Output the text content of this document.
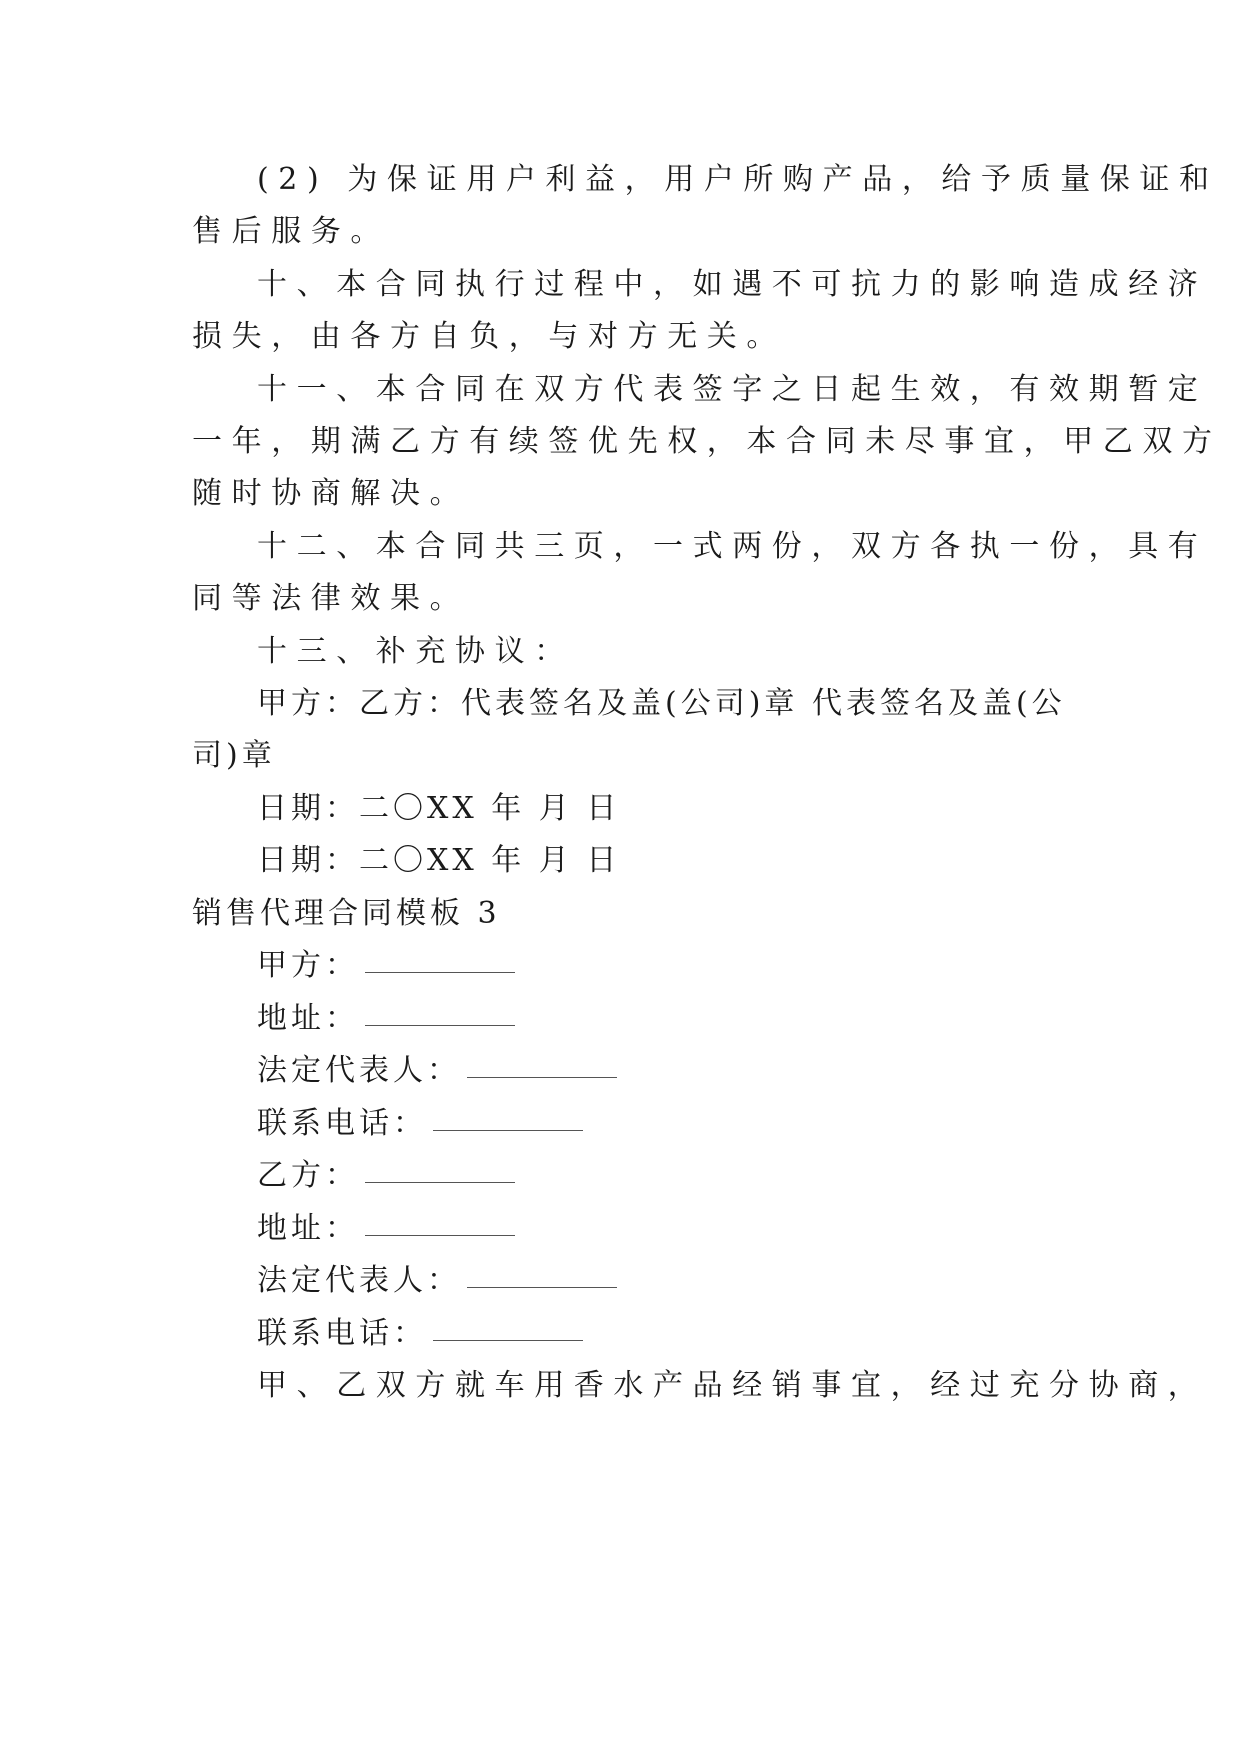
(2) 为保证用户利益，用户所购产品，给予质量保证和
售后服务。
十、本合同执行过程中，如遇不可抗力的影响造成经济
损失，由各方自负，与对方无关。
十一、本合同在双方代表签字之日起生效，有效期暂定
一年，期满乙方有续签优先权，本合同未尽事宜，甲乙双方
随时协商解决。
十二、本合同共三页，一式两份，双方各执一份，具有
同等法律效果。
十三、补充协议：
甲方：乙方：代表签名及盖(公司)章 代表签名及盖(公
司)章
日期：二〇XX 年 月 日
日期：二〇XX 年 月 日
销售代理合同模板 3
甲方：
地址：
法定代表人：
联系电话：
乙方：
地址：
法定代表人：
联系电话：
甲、乙双方就车用香水产品经销事宜，经过充分协商，
